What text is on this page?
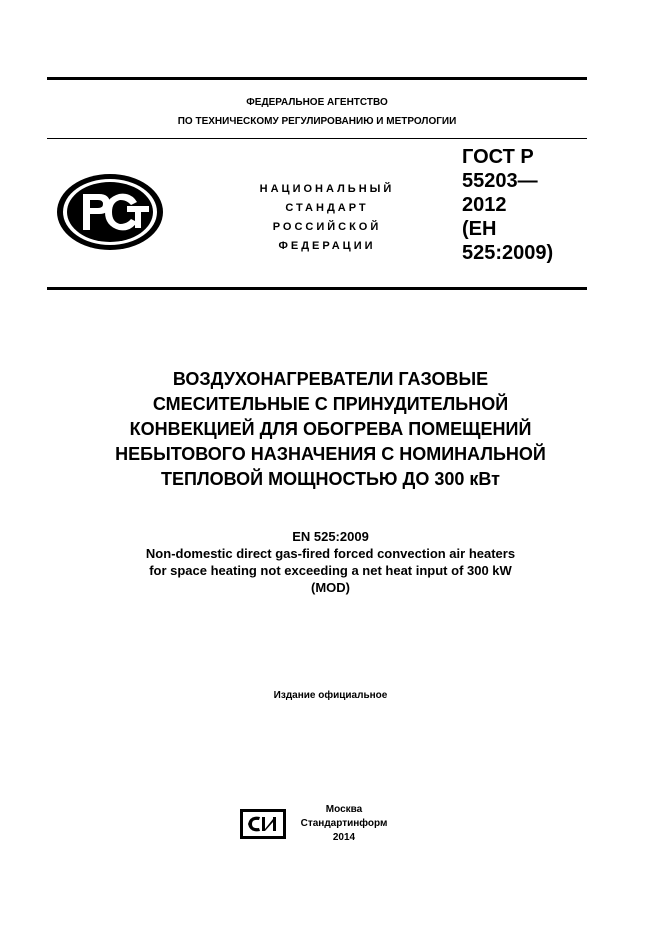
ФЕДЕРАЛЬНОЕ АГЕНТСТВО
ПО ТЕХНИЧЕСКОМУ РЕГУЛИРОВАНИЮ И МЕТРОЛОГИИ
НАЦИОНАЛЬНЫЙ
СТАНДАРТ
РОССИЙСКОЙ
ФЕДЕРАЦИИ
ГОСТ Р
55203—
2012
(ЕН
525:2009)
ВОЗДУХОНАГРЕВАТЕЛИ ГАЗОВЫЕ
СМЕСИТЕЛЬНЫЕ С ПРИНУДИТЕЛЬНОЙ
КОНВЕКЦИЕЙ ДЛЯ ОБОГРЕВА ПОМЕЩЕНИЙ
НЕБЫТОВОГО НАЗНАЧЕНИЯ С НОМИНАЛЬНОЙ
ТЕПЛОВОЙ МОЩНОСТЬЮ ДО 300 кВт
EN 525:2009
Non-domestic direct gas-fired forced convection air heaters
for space heating not exceeding a net heat input of 300 kW
(MOD)
Издание официальное
Москва
Стандартинформ
2014
